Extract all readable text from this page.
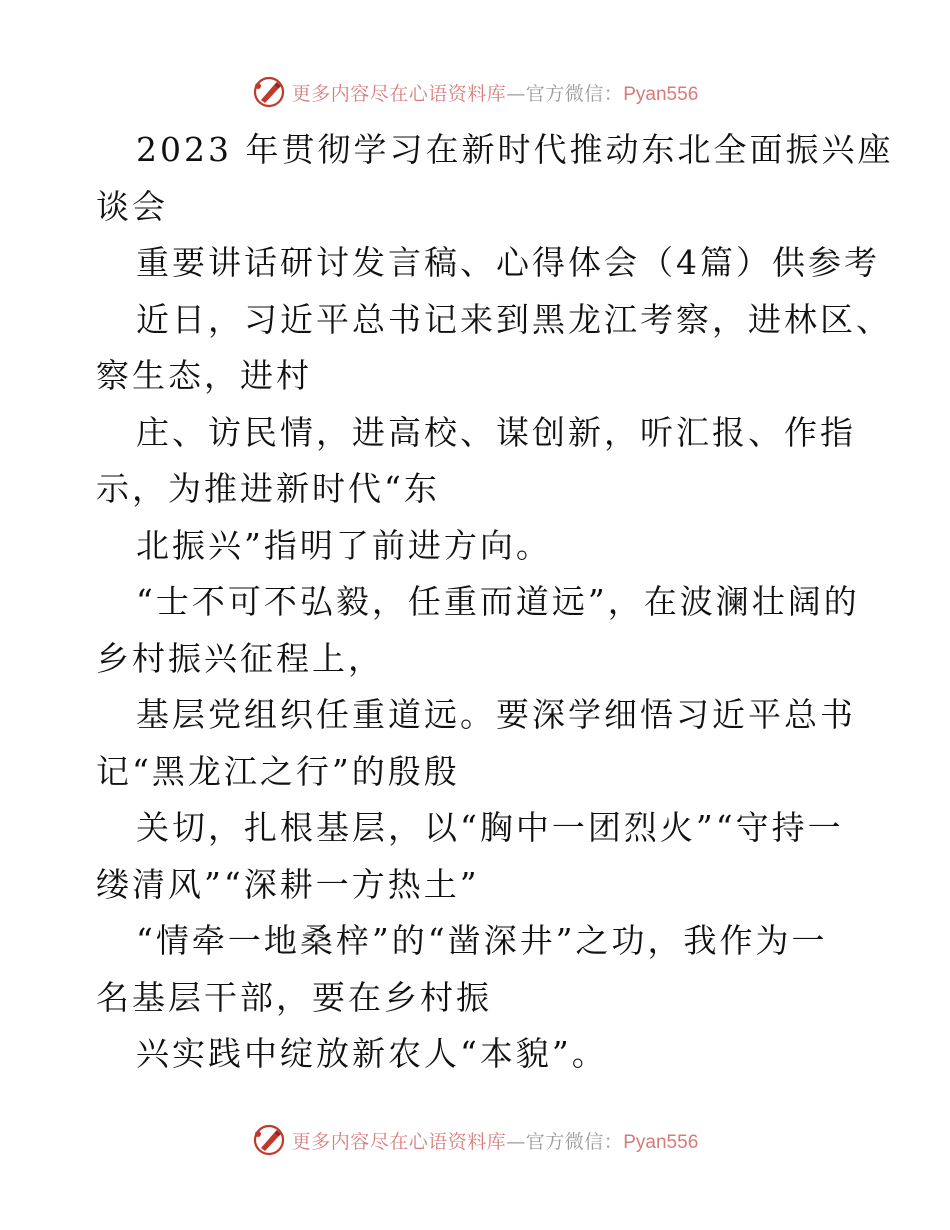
更多内容尽在心语资料库—官方微信：Pyan556
2023 年贯彻学习在新时代推动东北全面振兴座
谈会
重要讲话研讨发言稿、心得体会（4篇）供参考
近日，习近平总书记来到黑龙江考察，进林区、
察生态，进村
庄、访民情，进高校、谋创新，听汇报、作指
示，为推进新时代“东
北振兴”指明了前进方向。
“士不可不弘毅，任重而道远”，在波澜壮阔的
乡村振兴征程上，
基层党组织任重道远。要深学细悟习近平总书
记“黑龙江之行”的殷殷
关切，扎根基层，以“胸中一团烈火”“守持一
缕清风”“深耕一方热土”
“情牵一地桑梓”的“凿深井”之功，我作为一
名基层干部，要在乡村振
兴实践中绽放新农人“本貌”。
更多内容尽在心语资料库—官方微信：Pyan556
